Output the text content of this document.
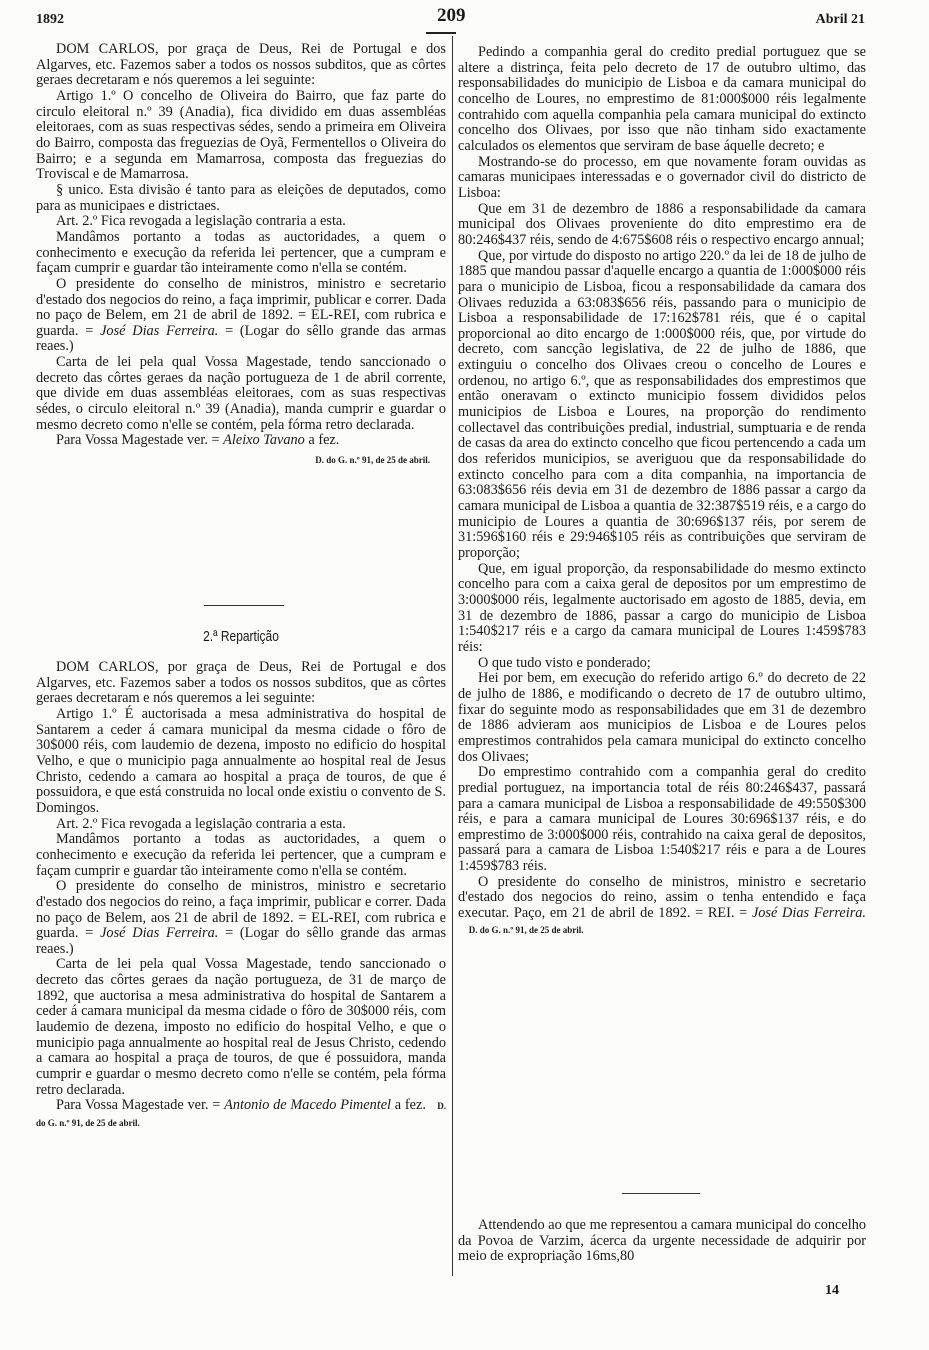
1892	209	Abril 21

DOM CARLOS, por graça de Deus, Rei de Portugal e dos Algarves, etc. Fazemos saber a todos os nossos subditos, que as côrtes geraes decretaram e nós queremos a lei seguinte:

Artigo 1.º O concelho de Oliveira do Bairro, que faz parte do circulo eleitoral n.º 39 (Anadia), fica dividido em duas assembléas eleitoraes, com as suas respectivas sédes, sendo a primeira em Oliveira do Bairro, composta das freguezias de Oyã, Fermentellos o Oliveira do Bairro; e a segunda em Mamarrosa, composta das freguezias do Troviscal e de Mamarrosa.

§ unico. Esta divisão é tanto para as eleições de deputados, como para as municipaes e districtaes.

Art. 2.º Fica revogada a legislação contraria a esta.

Mandâmos portanto a todas as auctoridades, a quem o conhecimento e execução da referida lei pertencer, que a cumpram e façam cumprir e guardar tão inteiramente como n'ella se contém.

O presidente do conselho de ministros, ministro e secretario d'estado dos negocios do reino, a faça imprimir, publicar e correr. Dada no paço de Belem, em 21 de abril de 1892. = EL-REI, com rubrica e guarda. = José Dias Ferreira. = (Logar do sêllo grande das armas reaes.)

Carta de lei pela qual Vossa Magestade, tendo sanccionado o decreto das côrtes geraes da nação portugueza de 1 de abril corrente, que divide em duas assembléas eleitoraes, com as suas respectivas sédes, o circulo eleitoral n.º 39 (Anadia), manda cumprir e guardar o mesmo decreto como n'elle se contém, pela fórma retro declarada.

Para Vossa Magestade ver. = Aleixo Tavano a fez.

D. do G. n.º 91, de 25 de abril.
2.ª Repartição

DOM CARLOS, por graça de Deus, Rei de Portugal e dos Algarves, etc. Fazemos saber a todos os nossos subditos, que as côrtes geraes decretaram e nós queremos a lei seguinte:

Artigo 1.º É auctorisada a mesa administrativa do hospital de Santarem a ceder á camara municipal da mesma cidade o fôro de 30$000 réis, com laudemio de dezena, imposto no edificio do hospital Velho, e que o municipio paga annualmente ao hospital real de Jesus Christo, cedendo a camara ao hospital a praça de touros, de que é possuidora, e que está construida no local onde existiu o convento de S. Domingos.

Art. 2.º Fica revogada a legislação contraria a esta.

Mandâmos portanto a todas as auctoridades, a quem o conhecimento e execução da referida lei pertencer, que a cumpram e façam cumprir e guardar tão inteiramente como n'ella se contém.

O presidente do conselho de ministros, ministro e secretario d'estado dos negocios do reino, a faça imprimir, publicar e correr. Dada no paço de Belem, aos 21 de abril de 1892. = EL-REI, com rubrica e guarda. = José Dias Ferreira. = (Logar do sêllo grande das armas reaes.)

Carta de lei pela qual Vossa Magestade, tendo sanccionado o decreto das côrtes geraes da nação portugueza, de 31 de março de 1892, que auctorisa a mesa administrativa do hospital de Santarem a ceder á camara municipal da mesma cidade o fôro de 30$000 réis, com laudemio de dezena, imposto no edificio do hospital Velho, e que o municipio paga annualmente ao hospital real de Jesus Christo, cedendo a camara ao hospital a praça de touros, de que é possuidora, manda cumprir e guardar o mesmo decreto como n'elle se contém, pela fórma retro declarada.

Para Vossa Magestade ver. = Antonio de Macedo Pimentel a fez. D. do G. n.º 91, de 25 de abril.

Pedindo a companhia geral do credito predial portuguez que se altere a distrinça, feita pelo decreto de 17 de outubro ultimo, das responsabilidades do municipio de Lisboa e da camara municipal do concelho de Loures, no emprestimo de 81:000$000 réis legalmente contrahido com aquella companhia pela camara municipal do extincto concelho dos Olivaes, por isso que não tinham sido exactamente calculados os elementos que serviram de base áquelle decreto; e

Mostrando-se do processo, em que novamente foram ouvidas as camaras municipaes interessadas e o governador civil do districto de Lisboa:

Que em 31 de dezembro de 1886 a responsabilidade da camara municipal dos Olivaes proveniente do dito emprestimo era de 80:246$437 réis, sendo de 4:675$608 réis o respectivo encargo annual;

Que, por virtude do disposto no artigo 220.º da lei de 18 de julho de 1885 que mandou passar d'aquelle encargo a quantia de 1:000$000 réis para o municipio de Lisboa, ficou a responsabilidade da camara dos Olivaes reduzida a 63:083$656 réis, passando para o municipio de Lisboa a responsabilidade de 17:162$781 réis, que é o capital proporcional ao dito encargo de 1:000$000 réis, que, por virtude do decreto, com sancção legislativa, de 22 de julho de 1886, que extinguiu o concelho dos Olivaes creou o concelho de Loures e ordenou, no artigo 6.º, que as responsabilidades dos emprestimos que então oneravam o extincto municipio fossem divididos pelos municipios de Lisboa e Loures, na proporção do rendimento collectavel das contribuições predial, industrial, sumptuaria e de renda de casas da area do extincto concelho que ficou pertencendo a cada um dos referidos municipios, se averiguou que da responsabilidade do extincto concelho para com a dita companhia, na importancia de 63:083$656 réis devia em 31 de dezembro de 1886 passar a cargo da camara municipal de Lisboa a quantia de 32:387$519 réis, e a cargo do municipio de Loures a quantia de 30:696$137 réis, por serem de 31:596$160 réis e 29:946$105 réis as contribuições que serviram de proporção;

Que, em igual proporção, da responsabilidade do mesmo extincto concelho para com a caixa geral de depositos por um emprestimo de 3:000$000 réis, legalmente auctorisado em agosto de 1885, devia, em 31 de dezembro de 1886, passar a cargo do municipio de Lisboa 1:540$217 réis e a cargo da camara municipal de Loures 1:459$783 réis:

O que tudo visto e ponderado;

Hei por bem, em execução do referido artigo 6.º do decreto de 22 de julho de 1886, e modificando o decreto de 17 de outubro ultimo, fixar do seguinte modo as responsabilidades que em 31 de dezembro de 1886 advieram aos municipios de Lisboa e de Loures pelos emprestimos contrahidos pela camara municipal do extincto concelho dos Olivaes;

Do emprestimo contrahido com a companhia geral do credito predial portuguez, na importancia total de réis 80:246$437, passará para a camara municipal de Lisboa a responsabilidade de 49:550$300 réis, e para a camara municipal de Loures 30:696$137 réis, e do emprestimo de 3:000$000 réis, contrahido na caixa geral de depositos, passará para a camara de Lisboa 1:540$217 réis e para a de Loures 1:459$783 réis.

O presidente do conselho de ministros, ministro e secretario d'estado dos negocios do reino, assim o tenha entendido e faça executar. Paço, em 21 de abril de 1892. = REI. = José Dias Ferreira.    D. do G. n.º 91, de 25 de abril.

Attendendo ao que me representou a camara municipal do concelho da Povoa de Varzim, ácerca da urgente necessidade de adquirir por meio de expropriação 16ms,80

14
